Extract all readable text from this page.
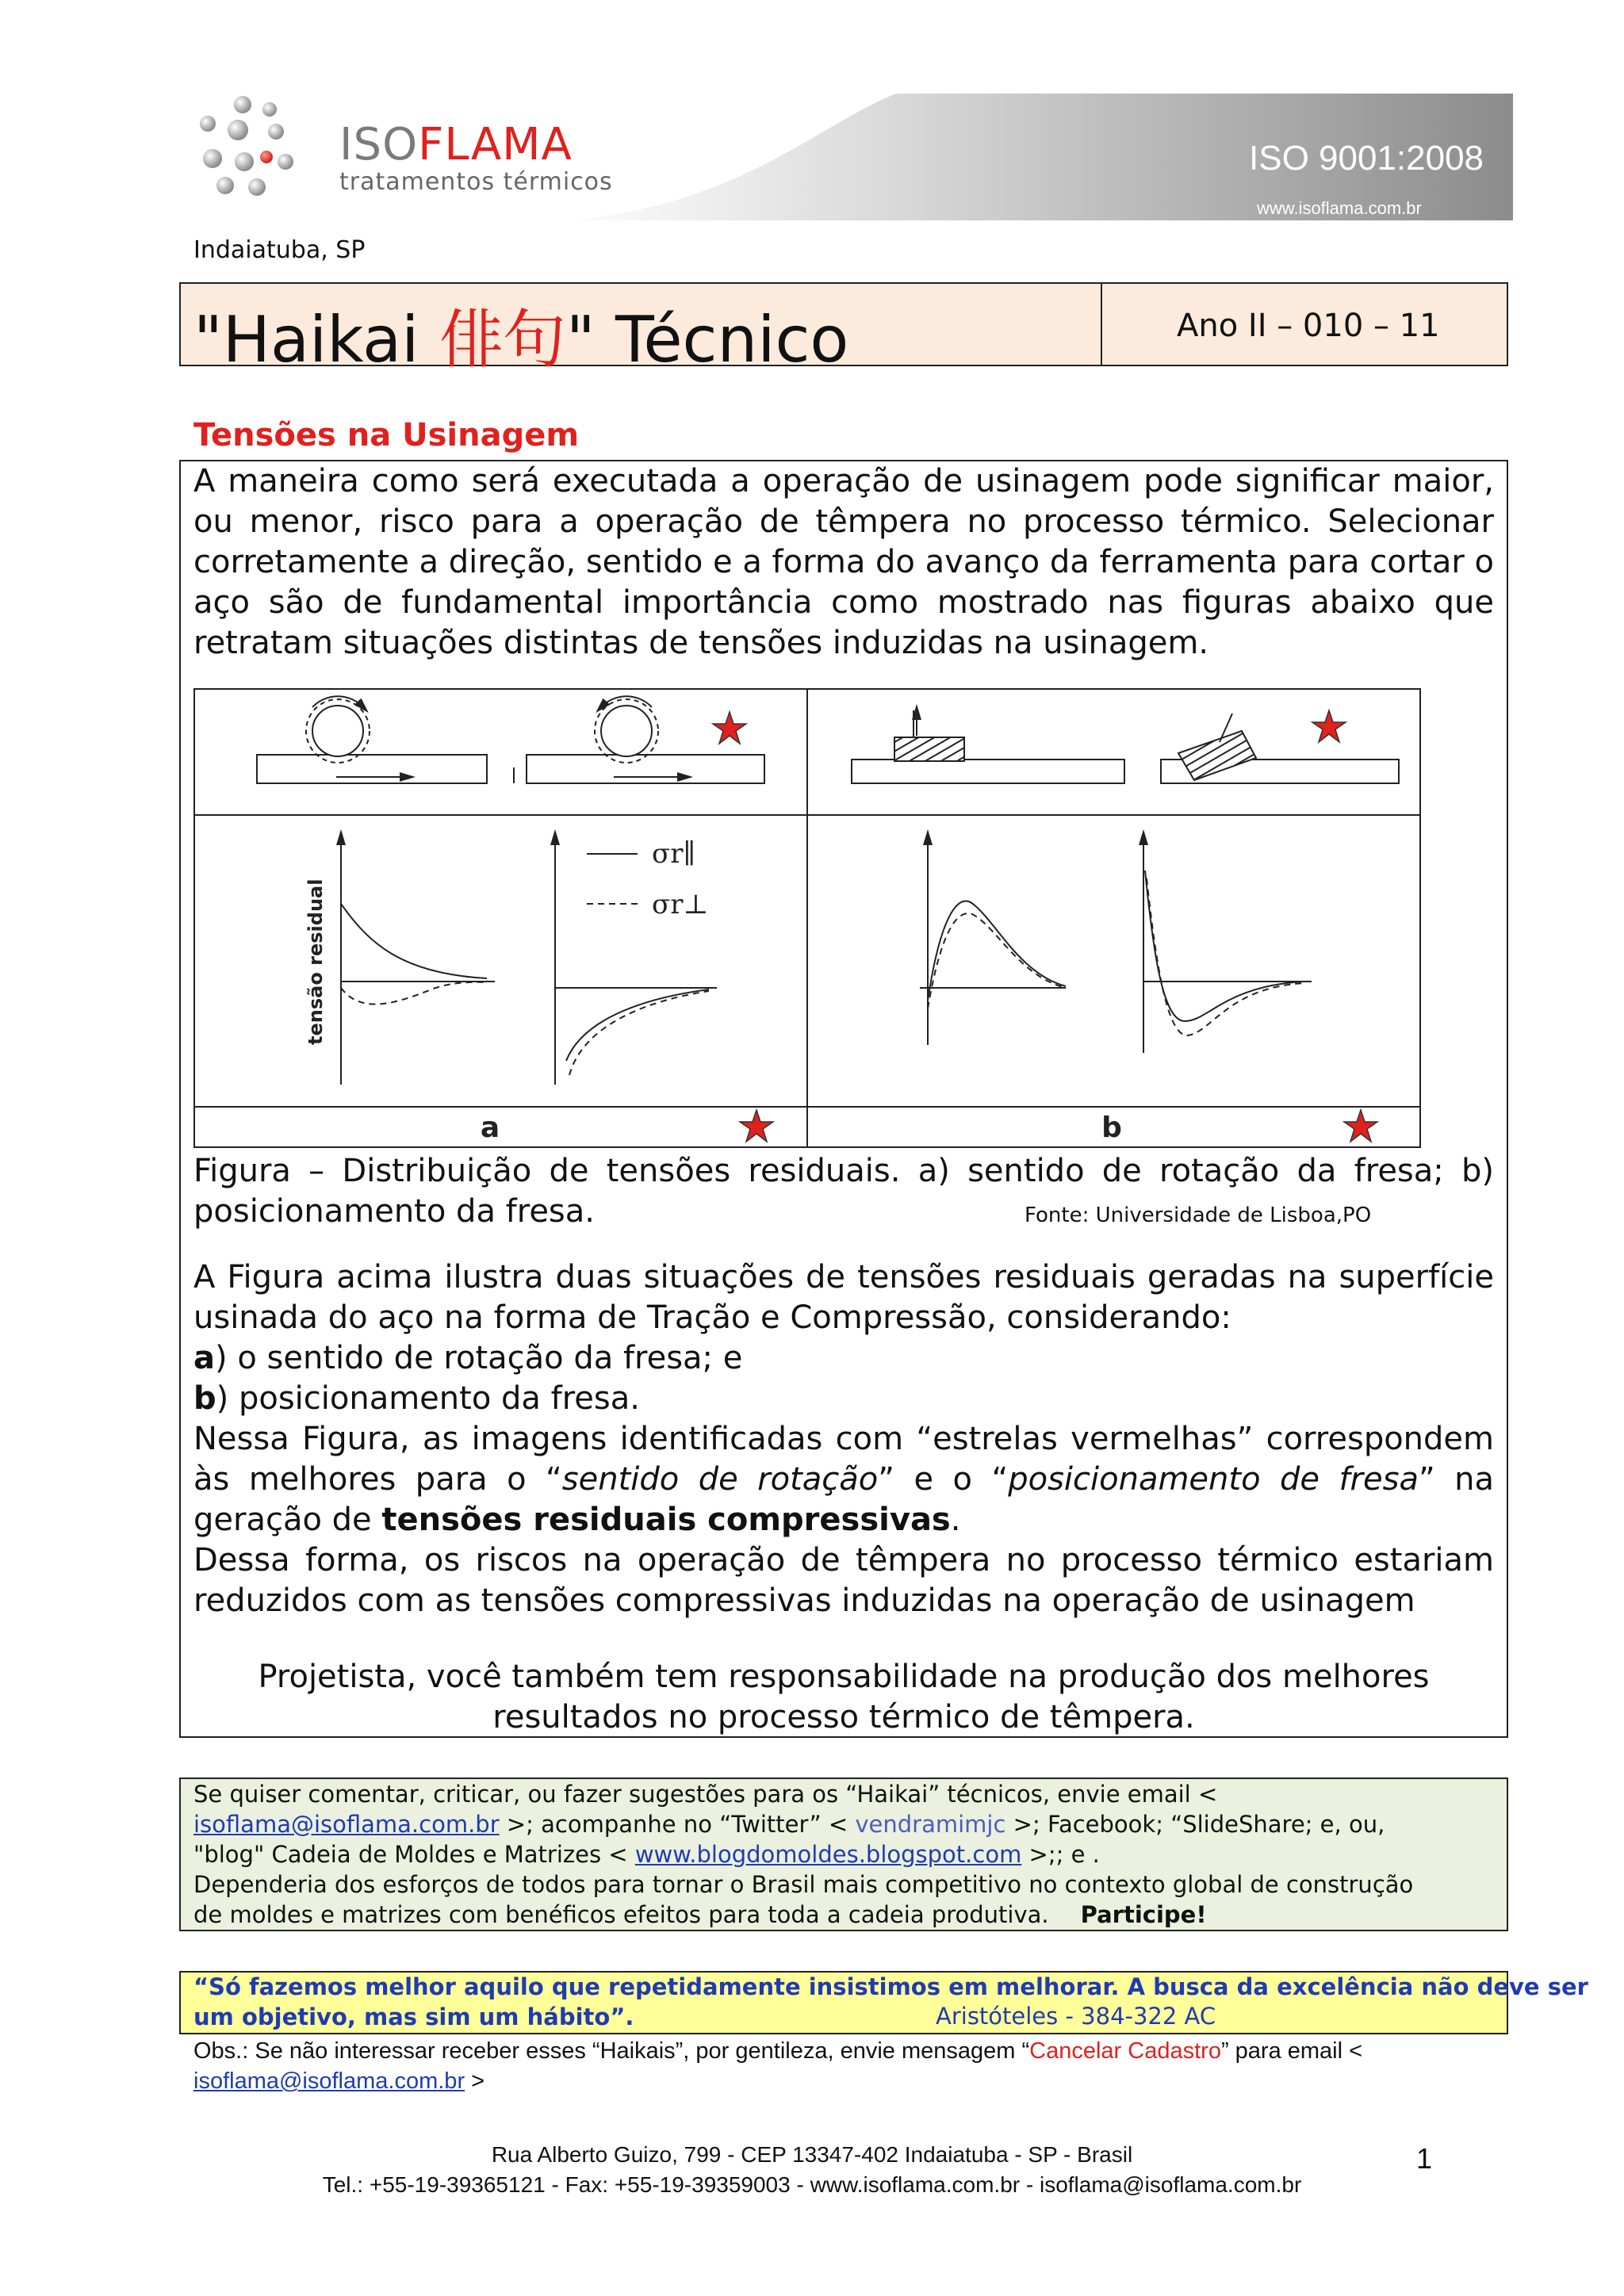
ISOFLAMA
tratamentos térmicos
ISO 9001:2008
www.isoflama.com.br
Indaiatuba, SP
"Haikai 俳句" Técnico	Ano II – 010 – 11
Tensões na Usinagem
A maneira como será executada a operação de usinagem pode significar maior, ou menor, risco para a operação de têmpera no processo térmico. Selecionar corretamente a direção, sentido e a forma do avanço da ferramenta para cortar o aço são de fundamental importância como mostrado nas figuras abaixo que retratam situações distintas de tensões induzidas na usinagem.
σr∥
σr⊥
tensão residual
a	b
Figura – Distribuição de tensões residuais. a) sentido de rotação da fresa; b) posicionamento da fresa.	Fonte: Universidade de Lisboa,PO
A Figura acima ilustra duas situações de tensões residuais geradas na superfície usinada do aço na forma de Tração e Compressão, considerando:
a) o sentido de rotação da fresa; e
b) posicionamento da fresa.
Nessa Figura, as imagens identificadas com “estrelas vermelhas” correspondem às melhores para o “sentido de rotação” e o “posicionamento de fresa” na geração de tensões residuais compressivas.
Dessa forma, os riscos na operação de têmpera no processo térmico estariam reduzidos com as tensões compressivas induzidas na operação de usinagem
Projetista, você também tem responsabilidade na produção dos melhores
resultados no processo térmico de têmpera.
Se quiser comentar, criticar, ou fazer sugestões para os “Haikai” técnicos, envie email <
isoflama@isoflama.com.br >; acompanhe no “Twitter” < vendramimjc >; Facebook; “SlideShare; e, ou,
"blog" Cadeia de Moldes e Matrizes < www.blogdomoldes.blogspot.com >;; e .
Dependeria dos esforços de todos para tornar o Brasil mais competitivo no contexto global de construção
de moldes e matrizes com benéficos efeitos para toda a cadeia produtiva. Participe!
“Só fazemos melhor aquilo que repetidamente insistimos em melhorar. A busca da excelência não deve ser
um objetivo, mas sim um hábito”.	Aristóteles - 384-322 AC
Obs.: Se não interessar receber esses “Haikais”, por gentileza, envie mensagem “Cancelar Cadastro” para email <
isoflama@isoflama.com.br >
Rua Alberto Guizo, 799 - CEP 13347-402 Indaiatuba - SP - Brasil
Tel.: +55-19-39365121 - Fax: +55-19-39359003 - www.isoflama.com.br - isoflama@isoflama.com.br
1
